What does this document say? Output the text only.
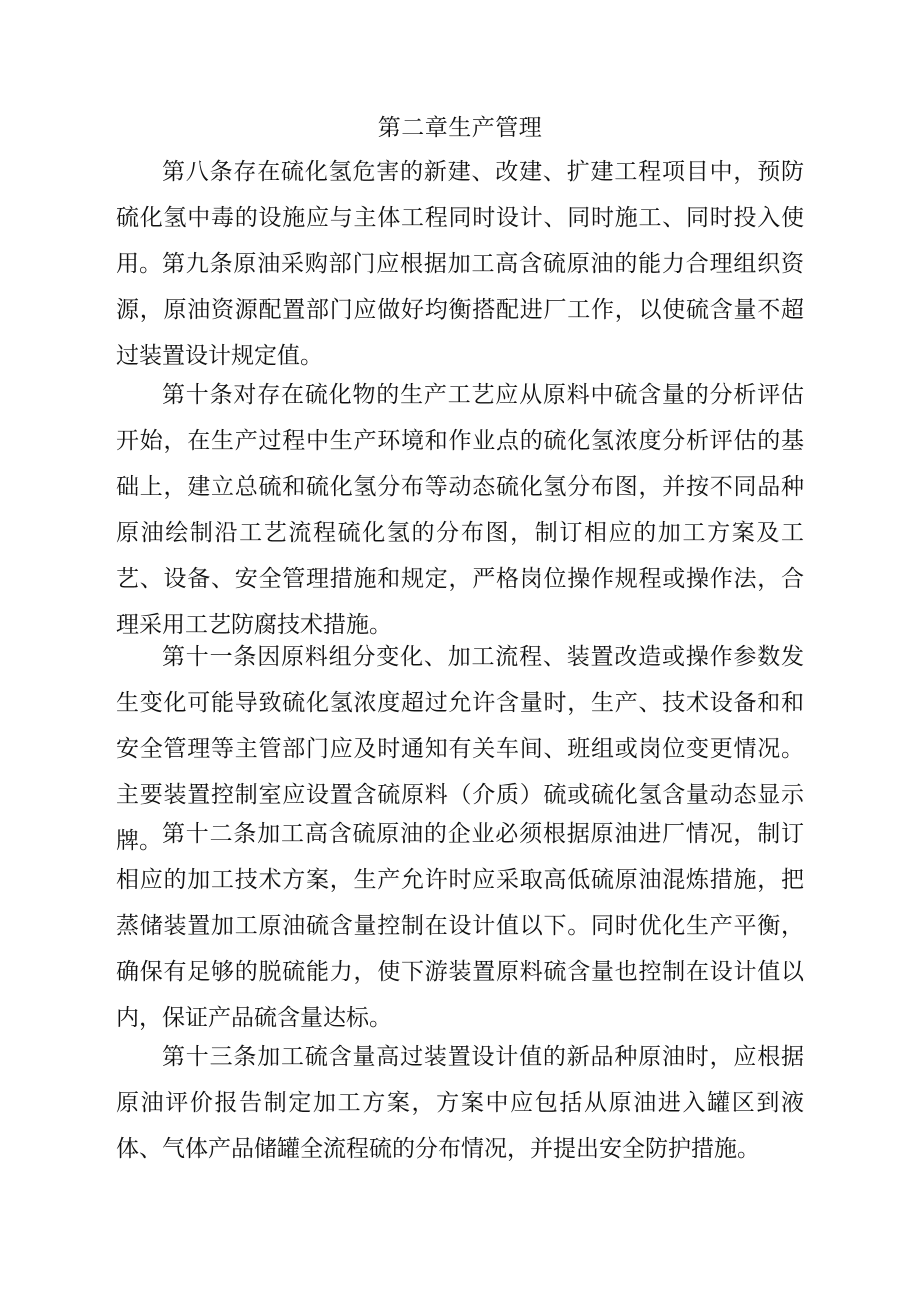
第二章生产管理

第八条存在硫化氢危害的新建、改建、扩建工程项目中，预防硫化氢中毒的设施应与主体工程同时设计、同时施工、同时投入使用。 第九条原油采购部门应根据加工高含硫原油的能力合理组织资源，原油资源配置部门应做好均衡搭配进厂工作，以使硫含量不超过装置设计规定值。

第十条对存在硫化物的生产工艺应从原料中硫含量的分析评估开始，在生产过程中生产环境和作业点的硫化氢浓度分析评估的基础上，建立总硫和硫化氢分布等动态硫化氢分布图，并按不同品种原油绘制沿工艺流程硫化氢的分布图，制订相应的加工方案及工艺、设备、安全管理措施和规定，严格岗位操作规程或操作法，合理采用工艺防腐技术措施。

第十一条因原料组分变化、加工流程、装置改造或操作参数发生变化可能导致硫化氢浓度超过允许含量时，生产、技术设备和和安全管理等主管部门应及时通知有关车间、班组或岗位变更情况。主要装置控制室应设置含硫原料（介质）硫或硫化氢含量动态显示牌。 第十二条加工高含硫原油的企业必须根据原油进厂情况，制订相应的加工技术方案，生产允许时应采取高低硫原油混炼措施，把蒸储装置加工原油硫含量控制在设计值以下。同时优化生产平衡，确保有足够的脱硫能力，使下游装置原料硫含量也控制在设计值以内，保证产品硫含量达标。

第十三条加工硫含量高过装置设计值的新品种原油时，应根据原油评价报告制定加工方案，方案中应包括从原油进入罐区到液体、气体产品储罐全流程硫的分布情况，并提出安全防护措施。
